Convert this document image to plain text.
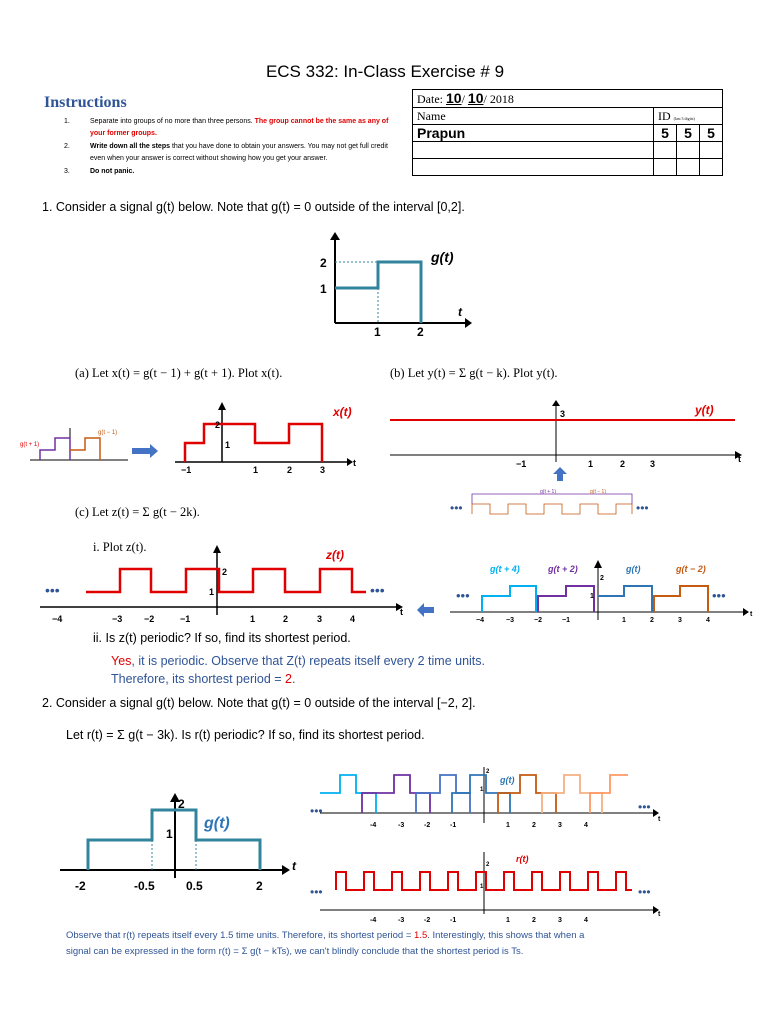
ECS 332: In-Class Exercise # 9
Instructions
1.	Separate into groups of no more than three persons. The group cannot be the same as any of your former groups.
2.	Write down all the steps that you have done to obtain your answers. You may not get full credit even when your answer is correct without showing how you get your answer.
3.	Do not panic.
Date: 10/ 10/ 2018			
Name	ID (last 3 digits)		
Prapun	5	5	5

1. Consider a signal g(t) below. Note that g(t) = 0 outside of the interval [0,2].
2
1
1	2
g(t)
t
(a) Let x(t) = g(t − 1) + g(t + 1). Plot x(t).	(b) Let y(t) = Σ g(t − k). Plot y(t).
g(t + 1)
g(t − 1)
2
1
x(t)
t
−1	1	2	3
3	y(t)
t
−1	1	2	3
•••
g(t + 1)	g(t − 1)
•••
(c) Let z(t) = Σ g(t − 2k).
i. Plot z(t).
•••	•••
2
1
z(t)
t
−4	−3 −2	−1	1	2	3	4
•••	•••
g(t + 4)	g(t + 2)	g(t)	g(t − 2)
2
1
−4	−3	−2	−1	1	2	3	4
t
ii. Is z(t) periodic? If so, find its shortest period.
Yes, it is periodic. Observe that Z(t) repeats itself every 2 time units.
Therefore, its shortest period = 2.
2. Consider a signal g(t) below. Note that g(t) = 0 outside of the interval [−2, 2].
Let r(t) = Σ g(t − 3k). Is r(t) periodic? If so, find its shortest period.
2
1
g(t)
-2	-0.5	0.5	2
t
•••	•••
g(t)
2
1
-4	-3	-2	-1	1	2	3	4
t
•••	•••
r(t)
2
1
-4	-3	-2	-1	1	2	3	4
t
Observe that r(t) repeats itself every 1.5 time units. Therefore, its shortest period = 1.5. Interestingly, this shows that when a
signal can be expressed in the form r(t) = Σ g(t − kTs), we can't blindly conclude that the shortest period is Ts.
